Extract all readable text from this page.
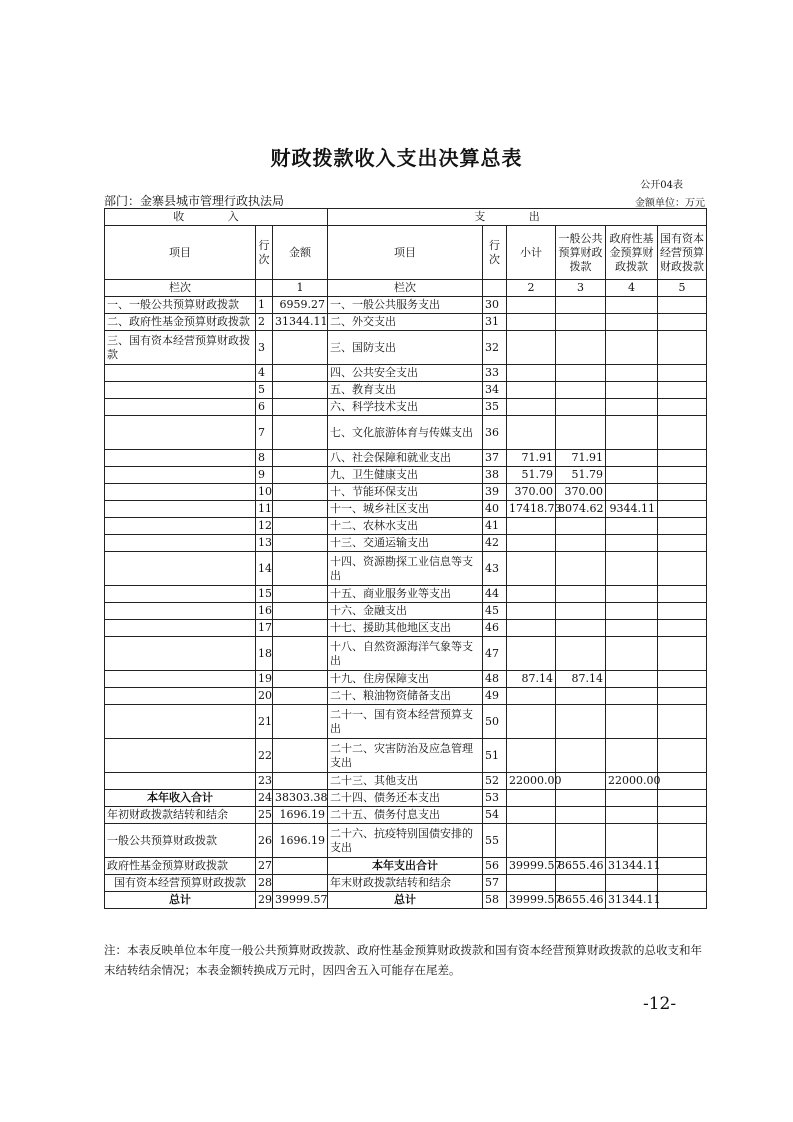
财政拨款收入支出决算总表
公开04表
部门：金寨县城市管理行政执法局	金额单位：万元
收 入			支 出					
项目	行次	金额	项目	行次	小计	一般公共预算财政拨款	政府性基金预算财政拨款	国有资本经营预算财政拨款
栏次		1	栏次		2	3	4	5
一、一般公共预算财政拨款	1	6959.27	一、一般公共服务支出	30				
二、政府性基金预算财政拨款	2	31344.11	二、外交支出	31				
三、国有资本经营预算财政拨款	3		三、国防支出	32				
	4		四、公共安全支出	33				
	5		五、教育支出	34				
	6		六、科学技术支出	35				
	7		七、文化旅游体育与传媒支出	36				
	8		八、社会保障和就业支出	37	71.91	71.91		
	9		九、卫生健康支出	38	51.79	51.79		
	10		十、节能环保支出	39	370.00	370.00		
	11		十一、城乡社区支出	40	17418.73	8074.62	9344.11	
	12		十二、农林水支出	41				
	13		十三、交通运输支出	42				
	14		十四、资源勘探工业信息等支出	43				
	15		十五、商业服务业等支出	44				
	16		十六、金融支出	45				
	17		十七、援助其他地区支出	46				
	18		十八、自然资源海洋气象等支出	47				
	19		十九、住房保障支出	48	87.14	87.14		
	20		二十、粮油物资储备支出	49				
	21		二十一、国有资本经营预算支出	50				
	22		二十二、灾害防治及应急管理支出	51				
	23		二十三、其他支出	52	22000.00		22000.00	
本年收入合计	24	38303.38	二十四、债务还本支出	53				
年初财政拨款结转和结余	25	1696.19	二十五、债务付息支出	54				
一般公共预算财政拨款	26	1696.19	二十六、抗疫特别国债安排的支出	55				
政府性基金预算财政拨款	27		本年支出合计	56	39999.57	8655.46	31344.11	
国有资本经营预算财政拨款	28		年末财政拨款结转和结余	57				
总计	29	39999.57	总计	58	39999.57	8655.46	31344.11	
注：本表反映单位本年度一般公共预算财政拨款、政府性基金预算财政拨款和国有资本经营预算财政拨款的总收支和年末结转结余情况；本表金额转换成万元时，因四舍五入可能存在尾差。
-12-
